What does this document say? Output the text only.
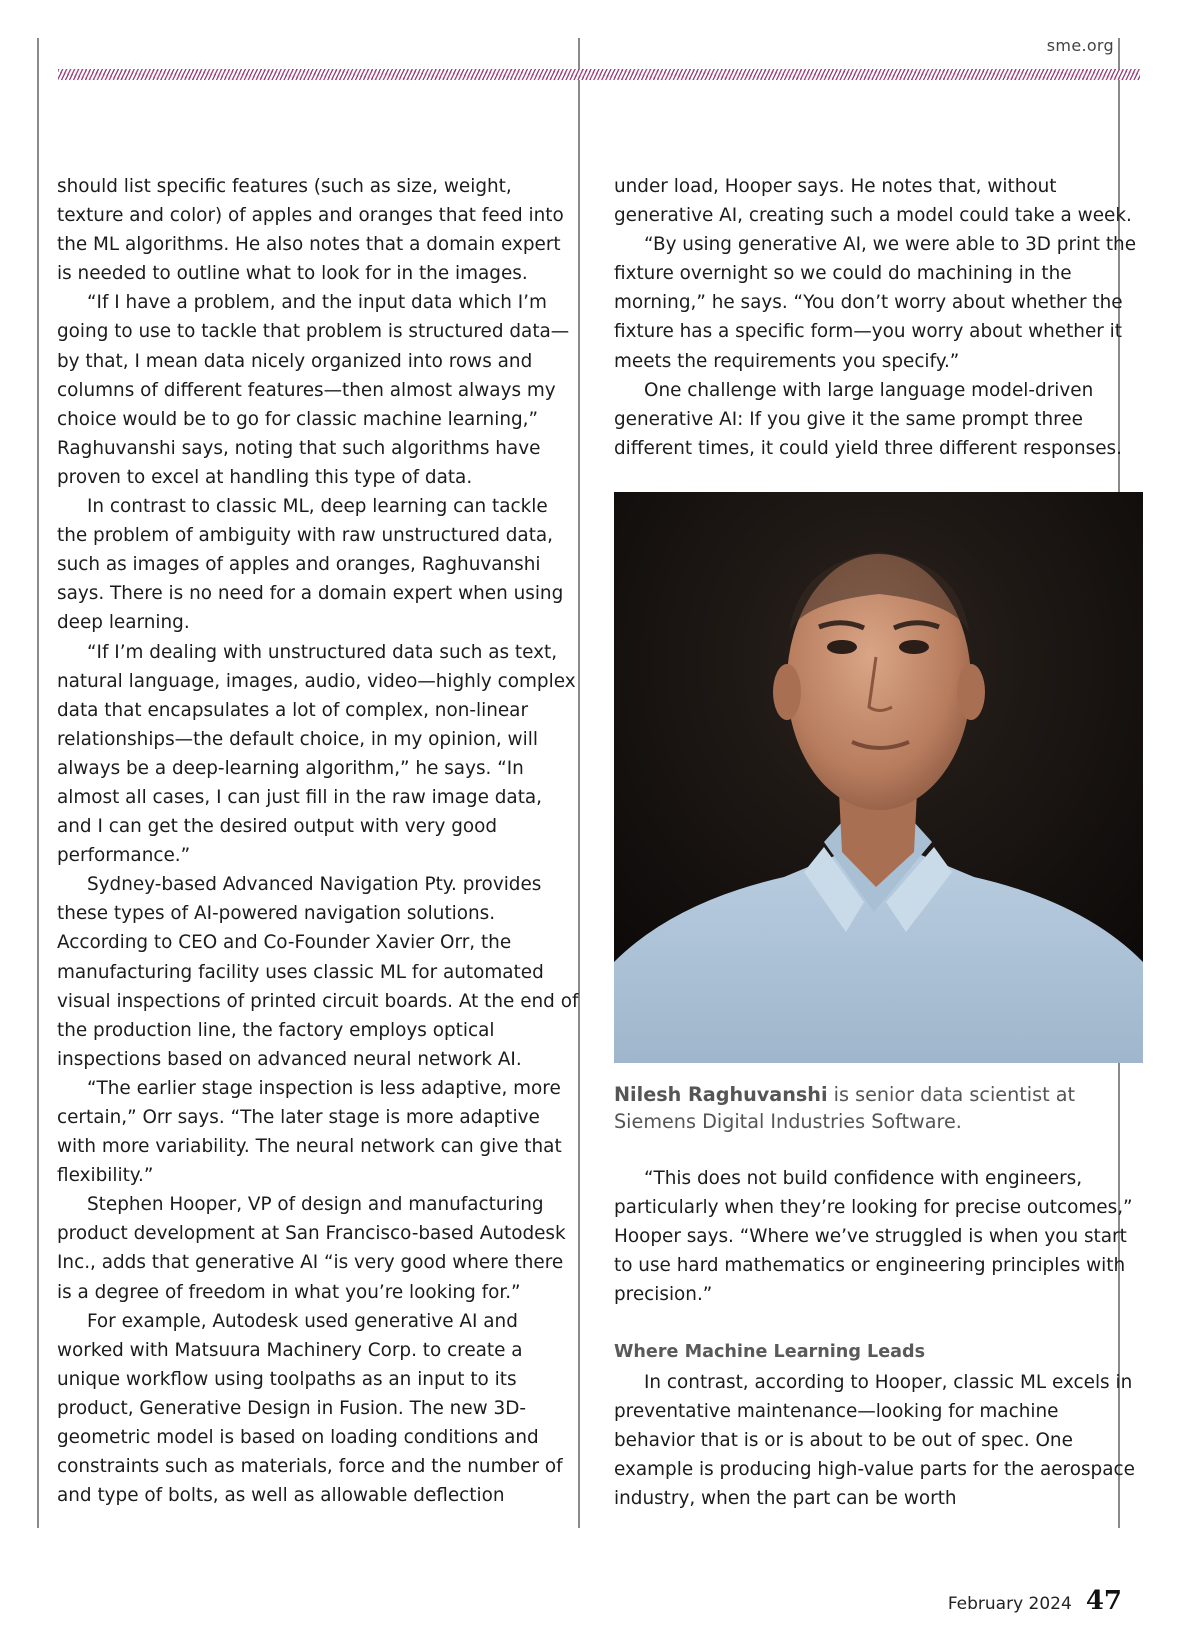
sme.org

should list specific features (such as size, weight, texture and color) of apples and oranges that feed into the ML algorithms. He also notes that a domain expert is needed to outline what to look for in the images.

“If I have a problem, and the input data which I’m going to use to tackle that problem is structured data—by that, I mean data nicely organized into rows and columns of different features—then almost always my choice would be to go for classic machine learning,” Raghuvanshi says, noting that such algorithms have proven to excel at handling this type of data.

In contrast to classic ML, deep learning can tackle the problem of ambiguity with raw unstructured data, such as images of apples and oranges, Raghuvanshi says. There is no need for a domain expert when using deep learning.

“If I’m dealing with unstructured data such as text, natural language, images, audio, video—highly complex data that encapsulates a lot of complex, non-linear relationships—the default choice, in my opinion, will always be a deep-learning algorithm,” he says. “In almost all cases, I can just fill in the raw image data, and I can get the desired output with very good performance.”

Sydney-based Advanced Navigation Pty. provides these types of AI-powered navigation solutions. According to CEO and Co-Founder Xavier Orr, the manufacturing facility uses classic ML for automated visual inspections of printed circuit boards. At the end of the production line, the factory employs optical inspections based on advanced neural network AI.

“The earlier stage inspection is less adaptive, more certain,” Orr says. “The later stage is more adaptive with more variability. The neural network can give that flexibility.”

Stephen Hooper, VP of design and manufacturing product development at San Francisco-based Autodesk Inc., adds that generative AI “is very good where there is a degree of freedom in what you’re looking for.”

For example, Autodesk used generative AI and worked with Matsuura Machinery Corp. to create a unique workflow using toolpaths as an input to its product, Generative Design in Fusion. The new 3D-geometric model is based on loading conditions and constraints such as materials, force and the number of and type of bolts, as well as allowable deflection

under load, Hooper says. He notes that, without generative AI, creating such a model could take a week.

“By using generative AI, we were able to 3D print the fixture overnight so we could do machining in the morning,” he says. “You don’t worry about whether the fixture has a specific form—you worry about whether it meets the requirements you specify.”

One challenge with large language model-driven generative AI: If you give it the same prompt three different times, it could yield three different responses.

Nilesh Raghuvanshi is senior data scientist at Siemens Digital Industries Software.

“This does not build confidence with engineers, particularly when they’re looking for precise outcomes,” Hooper says. “Where we’ve struggled is when you start to use hard mathematics or engineering principles with precision.”

Where Machine Learning Leads

In contrast, according to Hooper, classic ML excels in preventative maintenance—looking for machine behavior that is or is about to be out of spec. One example is producing high-value parts for the aerospace industry, when the part can be worth

February 2024 47
